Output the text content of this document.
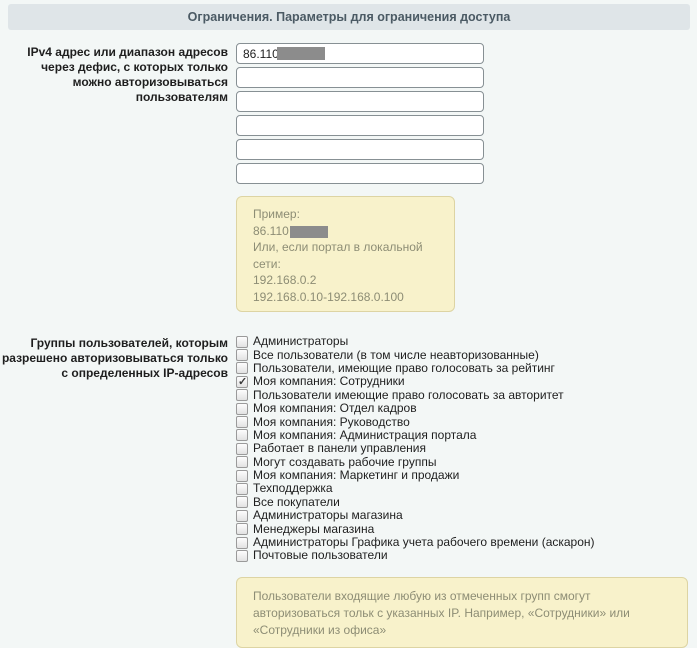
Ограничения. Параметры для ограничения доступа
IPv4 адрес или диапазон адресов через дефис, с которых только можно авторизовываться пользователям
86.110
Пример:
86.110
Или, если портал в локальной сети:
192.168.0.2
192.168.0.10-192.168.0.100
Группы пользователей, которым разрешено авторизовываться только с определенных IP-адресов
Администраторы
Все пользователи (в том числе неавторизованные)
Пользователи, имеющие право голосовать за рейтинг
✓
Моя компания: Сотрудники
Пользователи имеющие право голосовать за авторитет
Моя компания: Отдел кадров
Моя компания: Руководство
Моя компания: Администрация портала
Работает в панели управления
Могут создавать рабочие группы
Моя компания: Маркетинг и продажи
Техподдержка
Все покупатели
Администраторы магазина
Менеджеры магазина
Администраторы Графика учета рабочего времени (аскарон)
Почтовые пользователи
Пользователи входящие любую из отмеченных групп смогут авторизоваться тольк с указанных IP. Например, «Сотрудники» или «Сотрудники из офиса»
